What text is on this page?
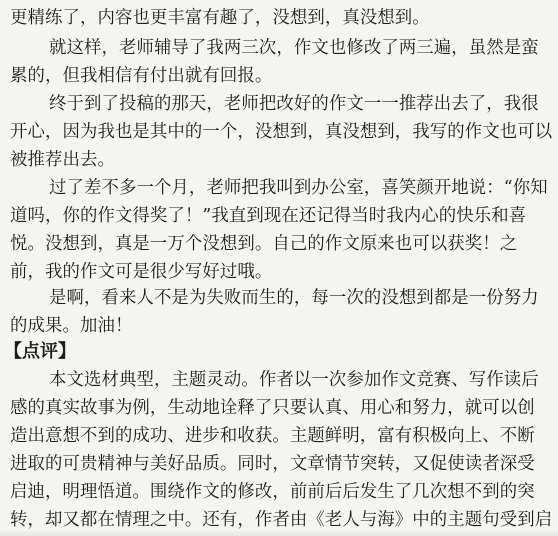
更精练了，内容也更丰富有趣了，没想到，真没想到。
就这样，老师辅导了我两三次，作文也修改了两三遍，虽然是蛮
累的，但我相信有付出就有回报。
终于到了投稿的那天，老师把改好的作文一一推荐出去了，我很
开心，因为我也是其中的一个，没想到，真没想到，我写的作文也可以
被推荐出去。
过了差不多一个月，老师把我叫到办公室，喜笑颜开地说：“你知
道吗，你的作文得奖了！”我直到现在还记得当时我内心的快乐和喜
悦。没想到，真是一万个没想到。自己的作文原来也可以获奖！之
前，我的作文可是很少写好过哦。
是啊，看来人不是为失败而生的，每一次的没想到都是一份努力
的成果。加油！
【点评】
本文选材典型，主题灵动。作者以一次参加作文竞赛、写作读后
感的真实故事为例，生动地诠释了只要认真、用心和努力，就可以创
造出意想不到的成功、进步和收获。主题鲜明，富有积极向上、不断
进取的可贵精神与美好品质。同时，文章情节突转，又促使读者深受
启迪，明理悟道。围绕作文的修改，前前后后发生了几次想不到的突
转，却又都在情理之中。还有，作者由《老人与海》中的主题句受到启
